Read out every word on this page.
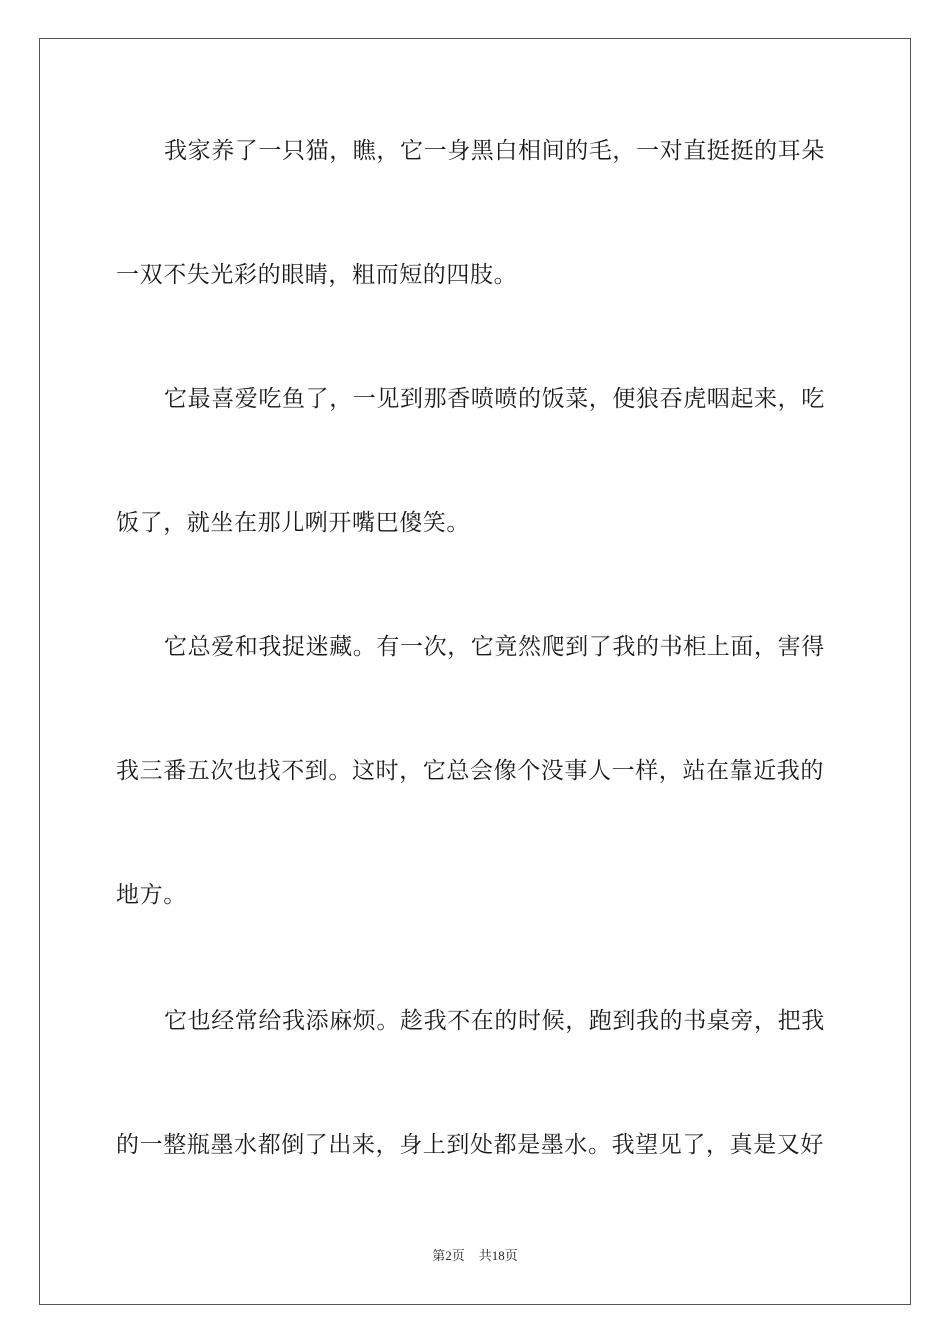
我家养了一只猫，瞧，它一身黑白相间的毛，一对直挺挺的耳朵
一双不失光彩的眼睛，粗而短的四肢。
它最喜爱吃鱼了，一见到那香喷喷的饭菜，便狼吞虎咽起来，吃
饭了，就坐在那儿咧开嘴巴傻笑。
它总爱和我捉迷藏。有一次，它竟然爬到了我的书柜上面，害得
我三番五次也找不到。这时，它总会像个没事人一样，站在靠近我的
地方。
它也经常给我添麻烦。趁我不在的时候，跑到我的书桌旁，把我
的一整瓶墨水都倒了出来，身上到处都是墨水。我望见了，真是又好
第2页 共18页
